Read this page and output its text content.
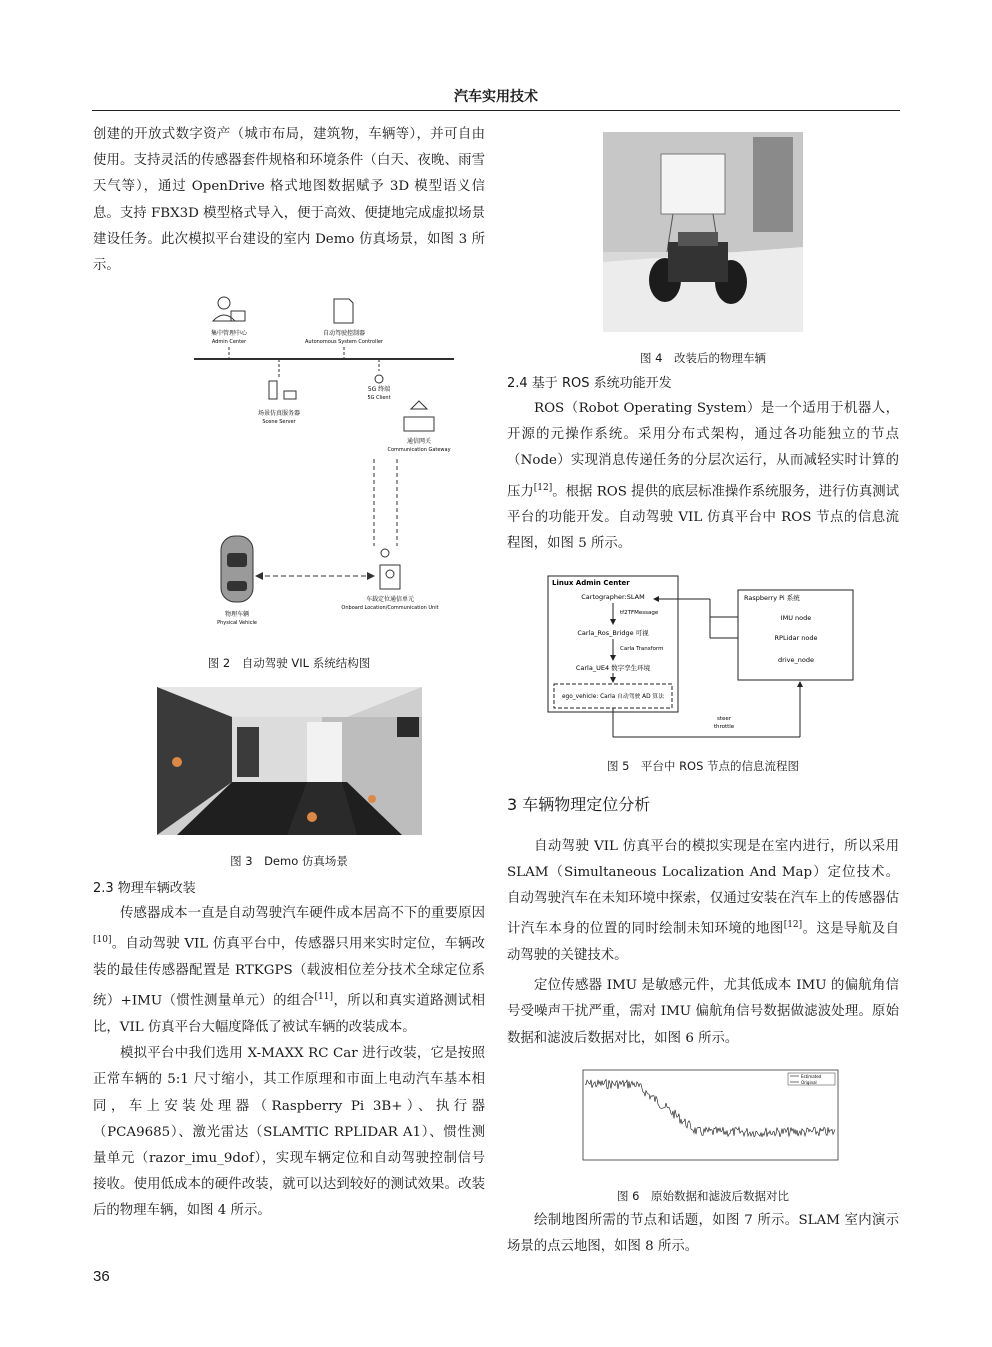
汽车实用技术

创建的开放式数字资产（城市布局，建筑物，车辆等），并可自由使用。支持灵活的传感器套件规格和环境条件（白天、夜晚、雨雪天气等），通过 OpenDrive 格式地图数据赋予 3D 模型语义信息。支持 FBX3D 模型格式导入，便于高效、便捷地完成虚拟场景建设任务。此次模拟平台建设的室内 Demo 仿真场景，如图 3 所示。

集中管理中心
Admin Center
自动驾驶控制器
Autonomous System Controller
场景仿真服务器
Scene Server
5G 终端
5G Client
通信网关
Communication Gateway
物理车辆
Physical Vehicle
车载定位通信单元
Onboard Location/Communication Unit

图 2　自动驾驶 VIL 系统结构图

图 3　Demo 仿真场景

2.3 物理车辆改装

传感器成本一直是自动驾驶汽车硬件成本居高不下的重要原因[10]。自动驾驶 VIL 仿真平台中，传感器只用来实时定位，车辆改装的最佳传感器配置是 RTKGPS（载波相位差分技术全球定位系统）+IMU（惯性测量单元）的组合[11]，所以和真实道路测试相比，VIL 仿真平台大幅度降低了被试车辆的改装成本。

模拟平台中我们选用 X-MAXX RC Car 进行改装，它是按照正常车辆的 5:1 尺寸缩小，其工作原理和市面上电动汽车基本相同，车上安装处理器（Raspberry Pi 3B+）、执行器（PCA9685）、激光雷达（SLAMTIC RPLIDAR A1）、惯性测量单元（razor_imu_9dof），实现车辆定位和自动驾驶控制信号接收。使用低成本的硬件改装，就可以达到较好的测试效果。改装后的物理车辆，如图 4 所示。

图 4　改装后的物理车辆

2.4 基于 ROS 系统功能开发

ROS（Robot Operating System）是一个适用于机器人，开源的元操作系统。采用分布式架构，通过各功能独立的节点（Node）实现消息传递任务的分层次运行，从而减轻实时计算的压力[12]。根据 ROS 提供的底层标准操作系统服务，进行仿真测试平台的功能开发。自动驾驶 VIL 仿真平台中 ROS 节点的信息流程图，如图 5 所示。

Linux Admin Center
Cartographer:SLAM
tf2TFMessage
Carla_Ros_Bridge 可视
Carla Transform
Carla_UE4 数字孪生环境
ego_vehicle: Carla 自动驾驶 AD 算法
Raspberry Pi 系统
IMU node
RPLidar node
drive_node
steer
throttle

图 5　平台中 ROS 节点的信息流程图

3 车辆物理定位分析

自动驾驶 VIL 仿真平台的模拟实现是在室内进行，所以采用 SLAM（Simultaneous Localization And Map）定位技术。自动驾驶汽车在未知环境中探索，仅通过安装在汽车上的传感器估计汽车本身的位置的同时绘制未知环境的地图[12]。这是导航及自动驾驶的关键技术。

定位传感器 IMU 是敏感元件，尤其低成本 IMU 的偏航角信号受噪声干扰严重，需对 IMU 偏航角信号数据做滤波处理。原始数据和滤波后数据对比，如图 6 所示。

Estimated
Original

图 6　原始数据和滤波后数据对比

绘制地图所需的节点和话题，如图 7 所示。SLAM 室内演示场景的点云地图，如图 8 所示。

36
